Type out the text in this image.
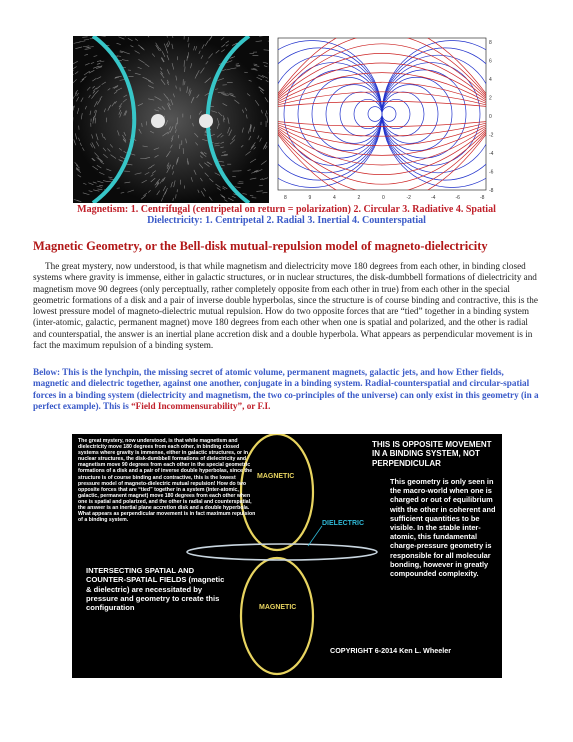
8	9	4	2	0	-2	-4	-6	-8
8
6
4
2
0
-2
-4
-6
-8
Magnetism: 1. Centrifugal (centripetal on return = polarization) 2. Circular 3. Radiative 4. Spatial
Dielectricity: 1. Centripetal 2. Radial 3. Inertial 4. Counterspatial
Magnetic Geometry, or the Bell-disk mutual-repulsion model of magneto-dielectricity

The great mystery, now understood, is that while magnetism and dielectricity move 180 degrees from each other, in binding closed systems where gravity is immense, either in galactic structures, or in nuclear structures, the disk-dumbbell formations of dielectricity and magnetism move 90 degrees (only perceptually, rather completely opposite from each other in true) from each other in the special geometric formations of a disk and a pair of inverse double hyperbolas, since the structure is of course binding and contractive, this is the lowest pressure model of magneto-dielectric mutual repulsion. How do two opposite forces that are “tied” together in a binding system (inter-atomic, galactic, permanent magnet) move 180 degrees from each other when one is spatial and polarized, and the other is radial and counterspatial, the answer is an inertial plane accretion disk and a double hyperbola. What appears as perpendicular movement is in fact the maximum repulsion of a binding system.

Below: This is the lynchpin, the missing secret of atomic volume, permanent magnets, galactic jets, and how Ether fields, magnetic and dielectric together, against one another, conjugate in a binding system. Radial-counterspatial and circular-spatial forces in a binding system (dielectricity and magnetism, the two co-principles of the universe) can only exist in this geometry (in a perfect example). This is “Field Incommensurability”, or F.I.

The great mystery, now understood, is that while magnetism and dielectricity move 180 degrees from each other, in binding closed systems where gravity is immense, either in galactic structures, or in nuclear structures, the disk-dumbbell formations of dielectricity and magnetism move 90 degrees from each other in the special geometric formations of a disk and a pair of inverse double hyperbolas, since the structure is of course binding and contractive, this is the lowest pressure model of magneto-dielectric mutual repulsion! How do two opposite forces that are “tied” together in a system (inter-atomic, galactic, permanent magnet) move 180 degrees from each other when one is spatial and polarized, and the other is radial and counterspatial, the answer is an inertial plane accretion disk and a double hyperbola. What appears as perpendicular movement is in fact maximum repulsion of a binding system.
THIS IS OPPOSITE MOVEMENT IN A BINDING SYSTEM, NOT PERPENDICULAR
This geometry is only seen in the macro-world when one is charged or out of equilibrium with the other in coherent and sufficient quantities to be visible. In the stable inter-atomic, this fundamental charge-pressure geometry is responsible for all molecular bonding, however in greatly compounded complexity.
INTERSECTING SPATIAL AND COUNTER-SPATIAL FIELDS (magnetic & dielectric) are necessitated by pressure and geometry to create this configuration
MAGNETIC
MAGNETIC
DIELECTRIC
COPYRIGHT 6-2014 Ken L. Wheeler
